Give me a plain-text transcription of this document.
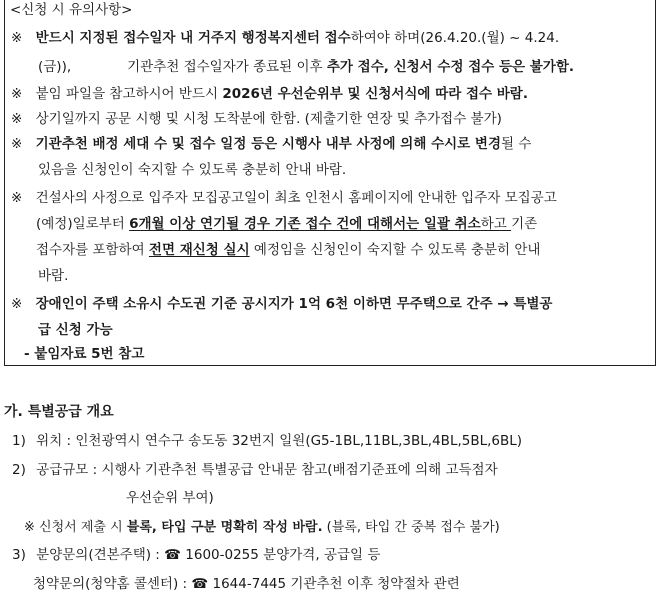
<신청 시 유의사항>
※ 반드시 지정된 접수일자 내 거주지 행정복지센터 접수하여야 하며(26.4.20.(월) ~ 4.24.
(금)),	기관추천 접수일자가 종료된 이후 추가 접수, 신청서 수정 접수 등은 불가함.
※ 붙임 파일을 참고하시어 반드시 2026년 우선순위부 및 신청서식에 따라 접수 바람.
※ 상기일까지 공문 시행 및 시청 도착분에 한함. (제출기한 연장 및 추가접수 불가)
※ 기관추천 배정 세대 수 및 접수 일정 등은 시행사 내부 사정에 의해 수시로 변경될 수
있음을 신청인이 숙지할 수 있도록 충분히 안내 바람.
※ 건설사의 사정으로 입주자 모집공고일이 최초 인천시 홈페이지에 안내한 입주자 모집공고
(예정)일로부터 6개월 이상 연기될 경우 기존 접수 건에 대해서는 일괄 취소하고 기존
접수자를 포함하여 전면 재신청 실시 예정임을 신청인이 숙지할 수 있도록 충분히 안내
바람.
※ 장애인이 주택 소유시 수도권 기준 공시지가 1억 6천 이하면 무주택으로 간주 → 특별공
급 신청 가능
- 붙임자료 5번 참고
가. 특별공급 개요
1) 위치 : 인천광역시 연수구 송도동 32번지 일원(G5-1BL,11BL,3BL,4BL,5BL,6BL)
2) 공급규모 : 시행사 기관추천 특별공급 안내문 참고(배점기준표에 의해 고득점자
우선순위 부여)
※ 신청서 제출 시 블록, 타입 구분 명확히 작성 바람. (블록, 타입 간 중복 접수 불가)
3) 분양문의(견본주택) : ☎ 1600-0255 분양가격, 공급일 등
청약문의(청약홈 콜센터) : ☎ 1644-7445 기관추천 이후 청약절차 관련
